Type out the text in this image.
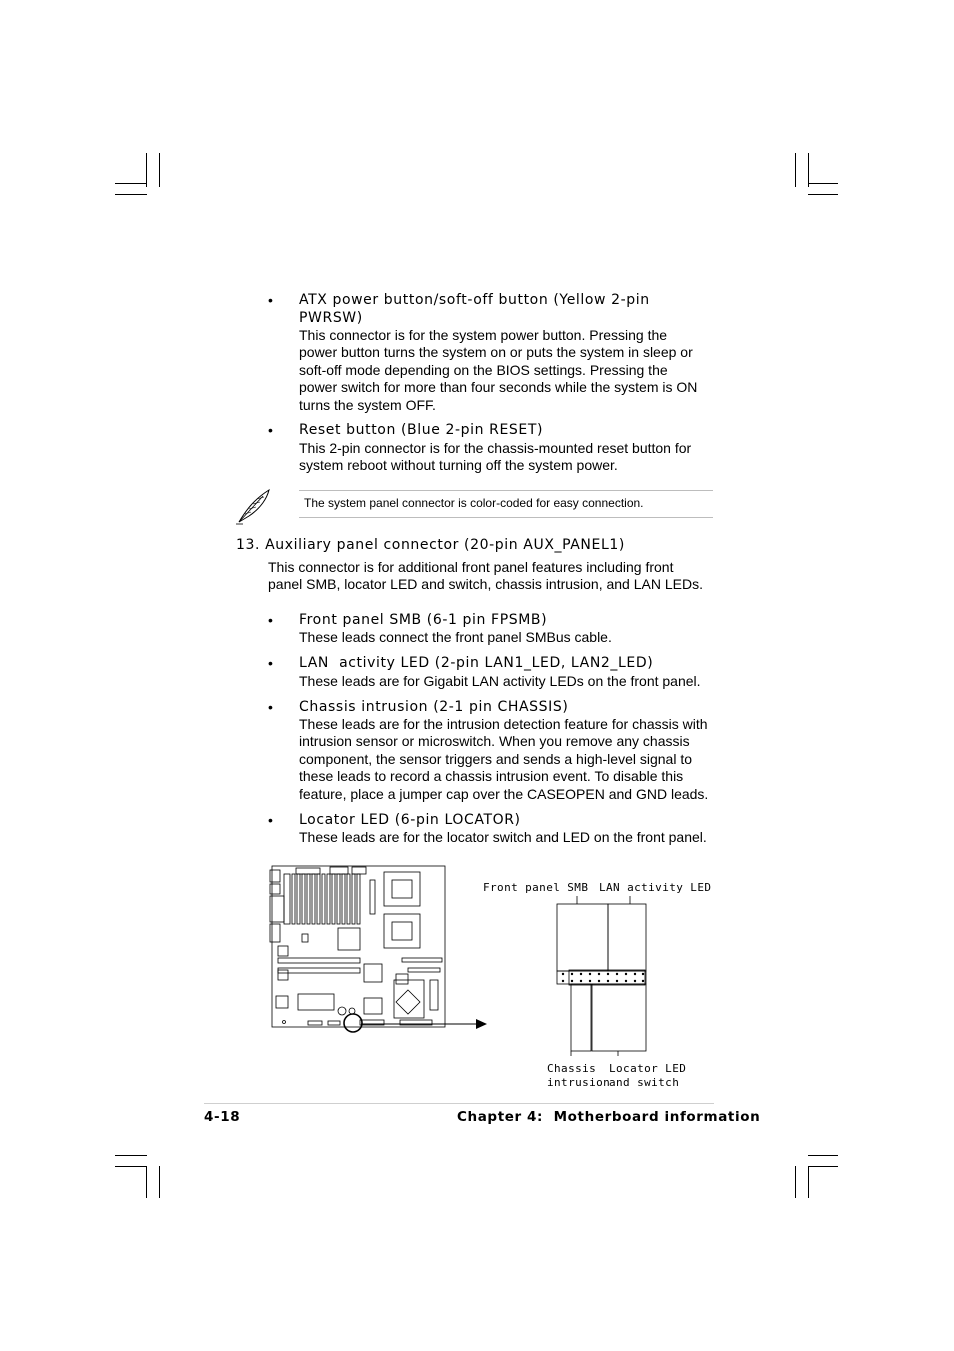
• ATX power button/soft-off button (Yellow 2-pin
PWRSW)
This connector is for the system power button. Pressing the
power button turns the system on or puts the system in sleep or
soft-off mode depending on the BIOS settings. Pressing the
power switch for more than four seconds while the system is ON
turns the system OFF.
• Reset button (Blue 2-pin RESET)
This 2-pin connector is for the chassis-mounted reset button for
system reboot without turning off the system power.
The system panel connector is color-coded for easy connection.
13. Auxiliary panel connector (20-pin AUX_PANEL1)
This connector is for additional front panel features including front
panel SMB, locator LED and switch, chassis intrusion, and LAN LEDs.
• Front panel SMB (6-1 pin FPSMB)
These leads connect the front panel SMBus cable.
• LAN  activity LED (2-pin LAN1_LED, LAN2_LED)
These leads are for Gigabit LAN activity LEDs on the front panel.
• Chassis intrusion (2-1 pin CHASSIS)
These leads are for the intrusion detection feature for chassis with
intrusion sensor or microswitch. When you remove any chassis
component, the sensor triggers and sends a high-level signal to
these leads to record a chassis intrusion event. To disable this
feature, place a jumper cap over the CASEOPEN and GND leads.
• Locator LED (6-pin LOCATOR)
These leads are for the locator switch and LED on the front panel.
Front panel SMB LAN activity LED
Chassis
intrusion
Locator LED
and switch
4-18	Chapter 4:  Motherboard information
